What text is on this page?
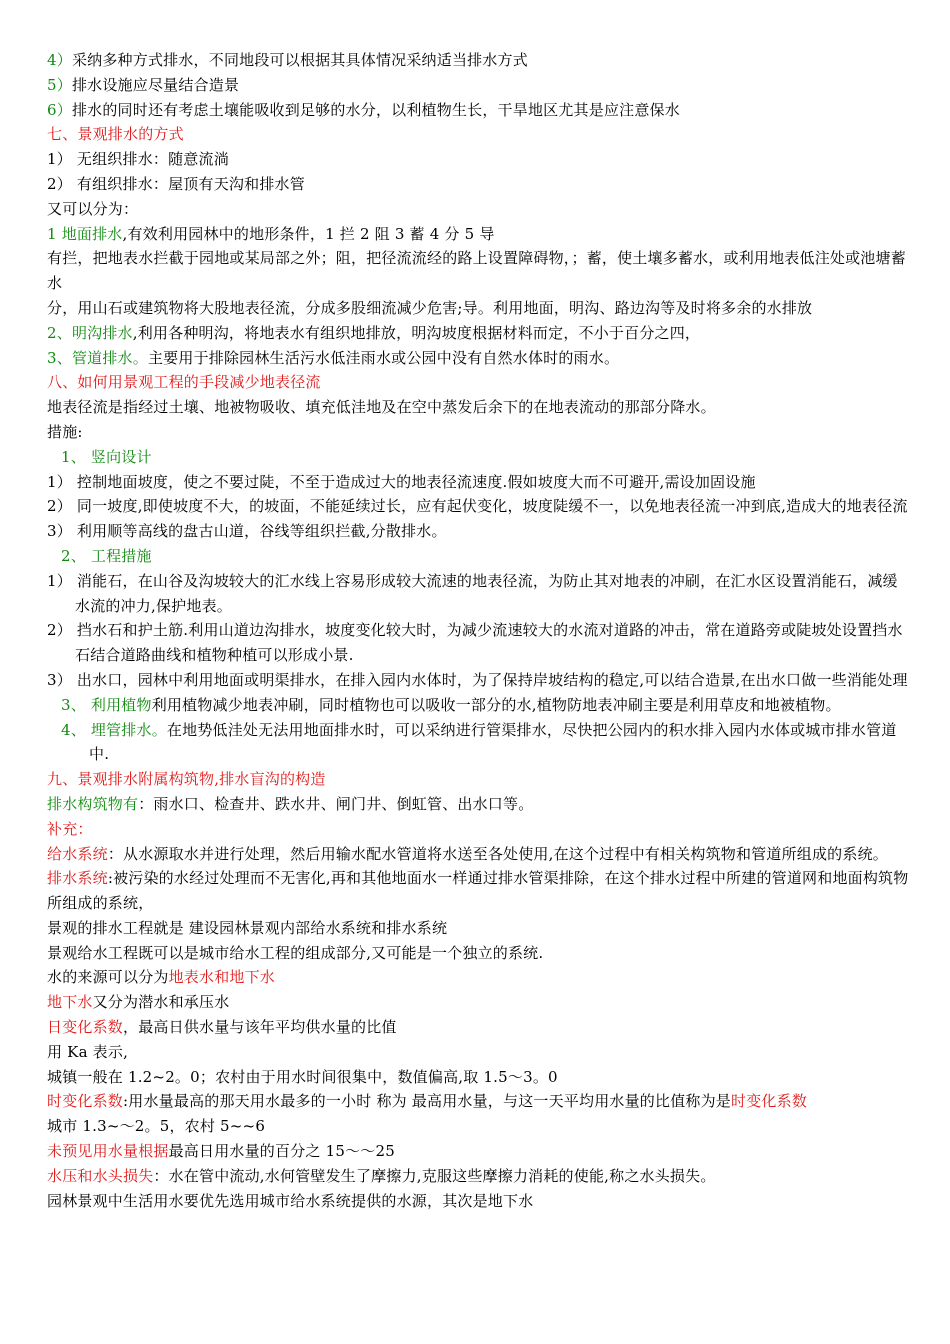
4）采纳多种方式排水，不同地段可以根据其具体情况采纳适当排水方式
5）排水设施应尽量结合造景
6）排水的同时还有考虑土壤能吸收到足够的水分，以利植物生长，干旱地区尤其是应注意保水
七、景观排水的方式
1） 无组织排水：随意流淌
2） 有组织排水：屋顶有天沟和排水管
又可以分为：
1 地面排水,有效利用园林中的地形条件，1 拦 2 阻 3 蓄 4 分 5 导
有拦，把地表水拦截于园地或某局部之外；阻，把径流流经的路上设置障碍物，；蓄，使土壤多蓄水，或利用地表低注处或池塘蓄水
分，用山石或建筑物将大股地表径流，分成多股细流减少危害;导。利用地面，明沟、路边沟等及时将多余的水排放
2、明沟排水,利用各种明沟，将地表水有组织地排放，明沟坡度根据材料而定，不小于百分之四，
3、管道排水。主要用于排除园林生活污水低洼雨水或公园中没有自然水体时的雨水。
八、如何用景观工程的手段减少地表径流
地表径流是指经过土壤、地被物吸收、填充低洼地及在空中蒸发后余下的在地表流动的那部分降水。
措施:
1、 竖向设计
1） 控制地面坡度，使之不要过陡，不至于造成过大的地表径流速度.假如坡度大而不可避开,需设加固设施
2） 同一坡度,即使坡度不大，的坡面，不能延续过长，应有起伏变化，坡度陡缓不一，以免地表径流一冲到底,造成大的地表径流
3） 利用顺等高线的盘古山道，谷线等组织拦截,分散排水。
2、 工程措施
1） 消能石，在山谷及沟坡较大的汇水线上容易形成较大流速的地表径流，为防止其对地表的冲刷，在汇水区设置消能石，减缓水流的冲力,保护地表。
2） 挡水石和护土筋.利用山道边沟排水，坡度变化较大时，为减少流速较大的水流对道路的冲击，常在道路旁或陡坡处设置挡水石结合道路曲线和植物种植可以形成小景.
3） 出水口，园林中利用地面或明渠排水，在排入园内水体时，为了保持岸坡结构的稳定,可以结合造景,在出水口做一些消能处理
3、 利用植物利用植物减少地表冲刷，同时植物也可以吸收一部分的水,植物防地表冲刷主要是利用草皮和地被植物。
4、 埋管排水。在地势低洼处无法用地面排水时，可以采纳进行管渠排水，尽快把公园内的积水排入园内水体或城市排水管道中.
九、景观排水附属构筑物,排水盲沟的构造
排水构筑物有：雨水口、检查井、跌水井、闸门井、倒虹管、出水口等。
补充：
给水系统：从水源取水并进行处理，然后用输水配水管道将水送至各处使用,在这个过程中有相关构筑物和管道所组成的系统。
排水系统:被污染的水经过处理而不无害化,再和其他地面水一样通过排水管渠排除，在这个排水过程中所建的管道网和地面构筑物所组成的系统，
景观的排水工程就是 建设园林景观内部给水系统和排水系统
景观给水工程既可以是城市给水工程的组成部分,又可能是一个独立的系统.
水的来源可以分为地表水和地下水
地下水又分为潜水和承压水
日变化系数，最高日供水量与该年平均供水量的比值
用 Ka 表示,
城镇一般在 1.2~2。0；农村由于用水时间很集中，数值偏高,取 1.5～3。0
时变化系数:用水量最高的那天用水最多的一小时 称为 最高用水量，与这一天平均用水量的比值称为是时变化系数
城市 1.3~～2。5，农村 5~~6
未预见用水量根据最高日用水量的百分之 15～～25
水压和水头损失：水在管中流动,水何管壁发生了摩擦力,克服这些摩擦力消耗的使能,称之水头损失。
园林景观中生活用水要优先选用城市给水系统提供的水源，其次是地下水
